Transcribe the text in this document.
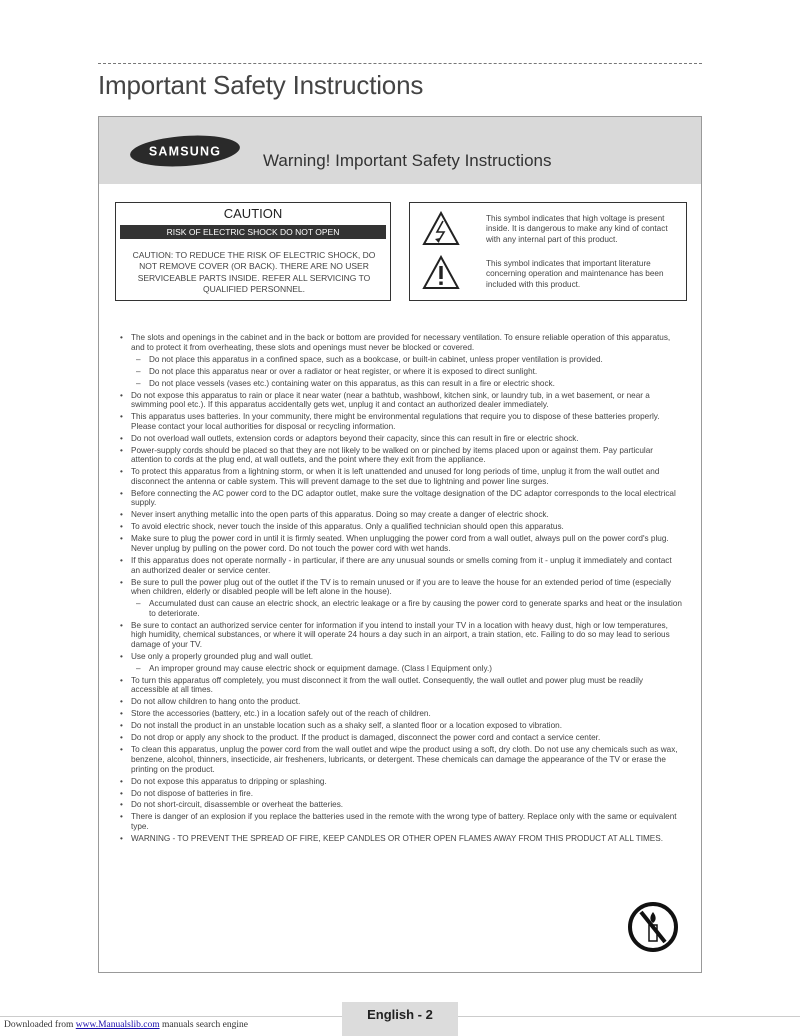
Important Safety Instructions
SAMSUNG Warning! Important Safety Instructions
CAUTION
RISK OF ELECTRIC SHOCK DO NOT OPEN
CAUTION: TO REDUCE THE RISK OF ELECTRIC SHOCK, DO NOT REMOVE COVER (OR BACK). THERE ARE NO USER SERVICEABLE PARTS INSIDE. REFER ALL SERVICING TO QUALIFIED PERSONNEL.
This symbol indicates that high voltage is present inside. It is dangerous to make any kind of contact with any internal part of this product.
This symbol indicates that important literature concerning operation and maintenance has been included with this product.
• The slots and openings in the cabinet and in the back or bottom are provided for necessary ventilation. To ensure reliable operation of this apparatus, and to protect it from overheating, these slots and openings must never be blocked or covered.
– Do not place this apparatus in a confined space, such as a bookcase, or built-in cabinet, unless proper ventilation is provided.
– Do not place this apparatus near or over a radiator or heat register, or where it is exposed to direct sunlight.
– Do not place vessels (vases etc.) containing water on this apparatus, as this can result in a fire or electric shock.
• Do not expose this apparatus to rain or place it near water (near a bathtub, washbowl, kitchen sink, or laundry tub, in a wet basement, or near a swimming pool etc.). If this apparatus accidentally gets wet, unplug it and contact an authorized dealer immediately.
• This apparatus uses batteries. In your community, there might be environmental regulations that require you to dispose of these batteries properly. Please contact your local authorities for disposal or recycling information.
• Do not overload wall outlets, extension cords or adaptors beyond their capacity, since this can result in fire or electric shock.
• Power-supply cords should be placed so that they are not likely to be walked on or pinched by items placed upon or against them. Pay particular attention to cords at the plug end, at wall outlets, and the point where they exit from the appliance.
• To protect this apparatus from a lightning storm, or when it is left unattended and unused for long periods of time, unplug it from the wall outlet and disconnect the antenna or cable system. This will prevent damage to the set due to lightning and power line surges.
• Before connecting the AC power cord to the DC adaptor outlet, make sure the voltage designation of the DC adaptor corresponds to the local electrical supply.
• Never insert anything metallic into the open parts of this apparatus. Doing so may create a danger of electric shock.
• To avoid electric shock, never touch the inside of this apparatus. Only a qualified technician should open this apparatus.
• Make sure to plug the power cord in until it is firmly seated. When unplugging the power cord from a wall outlet, always pull on the power cord's plug. Never unplug by pulling on the power cord. Do not touch the power cord with wet hands.
• If this apparatus does not operate normally - in particular, if there are any unusual sounds or smells coming from it - unplug it immediately and contact an authorized dealer or service center.
• Be sure to pull the power plug out of the outlet if the TV is to remain unused or if you are to leave the house for an extended period of time (especially when children, elderly or disabled people will be left alone in the house).
– Accumulated dust can cause an electric shock, an electric leakage or a fire by causing the power cord to generate sparks and heat or the insulation to deteriorate.
• Be sure to contact an authorized service center for information if you intend to install your TV in a location with heavy dust, high or low temperatures, high humidity, chemical substances, or where it will operate 24 hours a day such in an airport, a train station, etc. Failing to do so may lead to serious damage of your TV.
• Use only a properly grounded plug and wall outlet.
– An improper ground may cause electric shock or equipment damage. (Class l Equipment only.)
• To turn this apparatus off completely, you must disconnect it from the wall outlet. Consequently, the wall outlet and power plug must be readily accessible at all times.
• Do not allow children to hang onto the product.
• Store the accessories (battery, etc.) in a location safely out of the reach of children.
• Do not install the product in an unstable location such as a shaky self, a slanted floor or a location exposed to vibration.
• Do not drop or apply any shock to the product. If the product is damaged, disconnect the power cord and contact a service center.
• To clean this apparatus, unplug the power cord from the wall outlet and wipe the product using a soft, dry cloth. Do not use any chemicals such as wax, benzene, alcohol, thinners, insecticide, air fresheners, lubricants, or detergent. These chemicals can damage the appearance of the TV or erase the printing on the product.
• Do not expose this apparatus to dripping or splashing.
• Do not dispose of batteries in fire.
• Do not short-circuit, disassemble or overheat the batteries.
• There is danger of an explosion if you replace the batteries used in the remote with the wrong type of battery. Replace only with the same or equivalent type.
• WARNING - TO PREVENT THE SPREAD OF FIRE, KEEP CANDLES OR OTHER OPEN FLAMES AWAY FROM THIS PRODUCT AT ALL TIMES.
English - 2
Downloaded from www.Manualslib.com manuals search engine
